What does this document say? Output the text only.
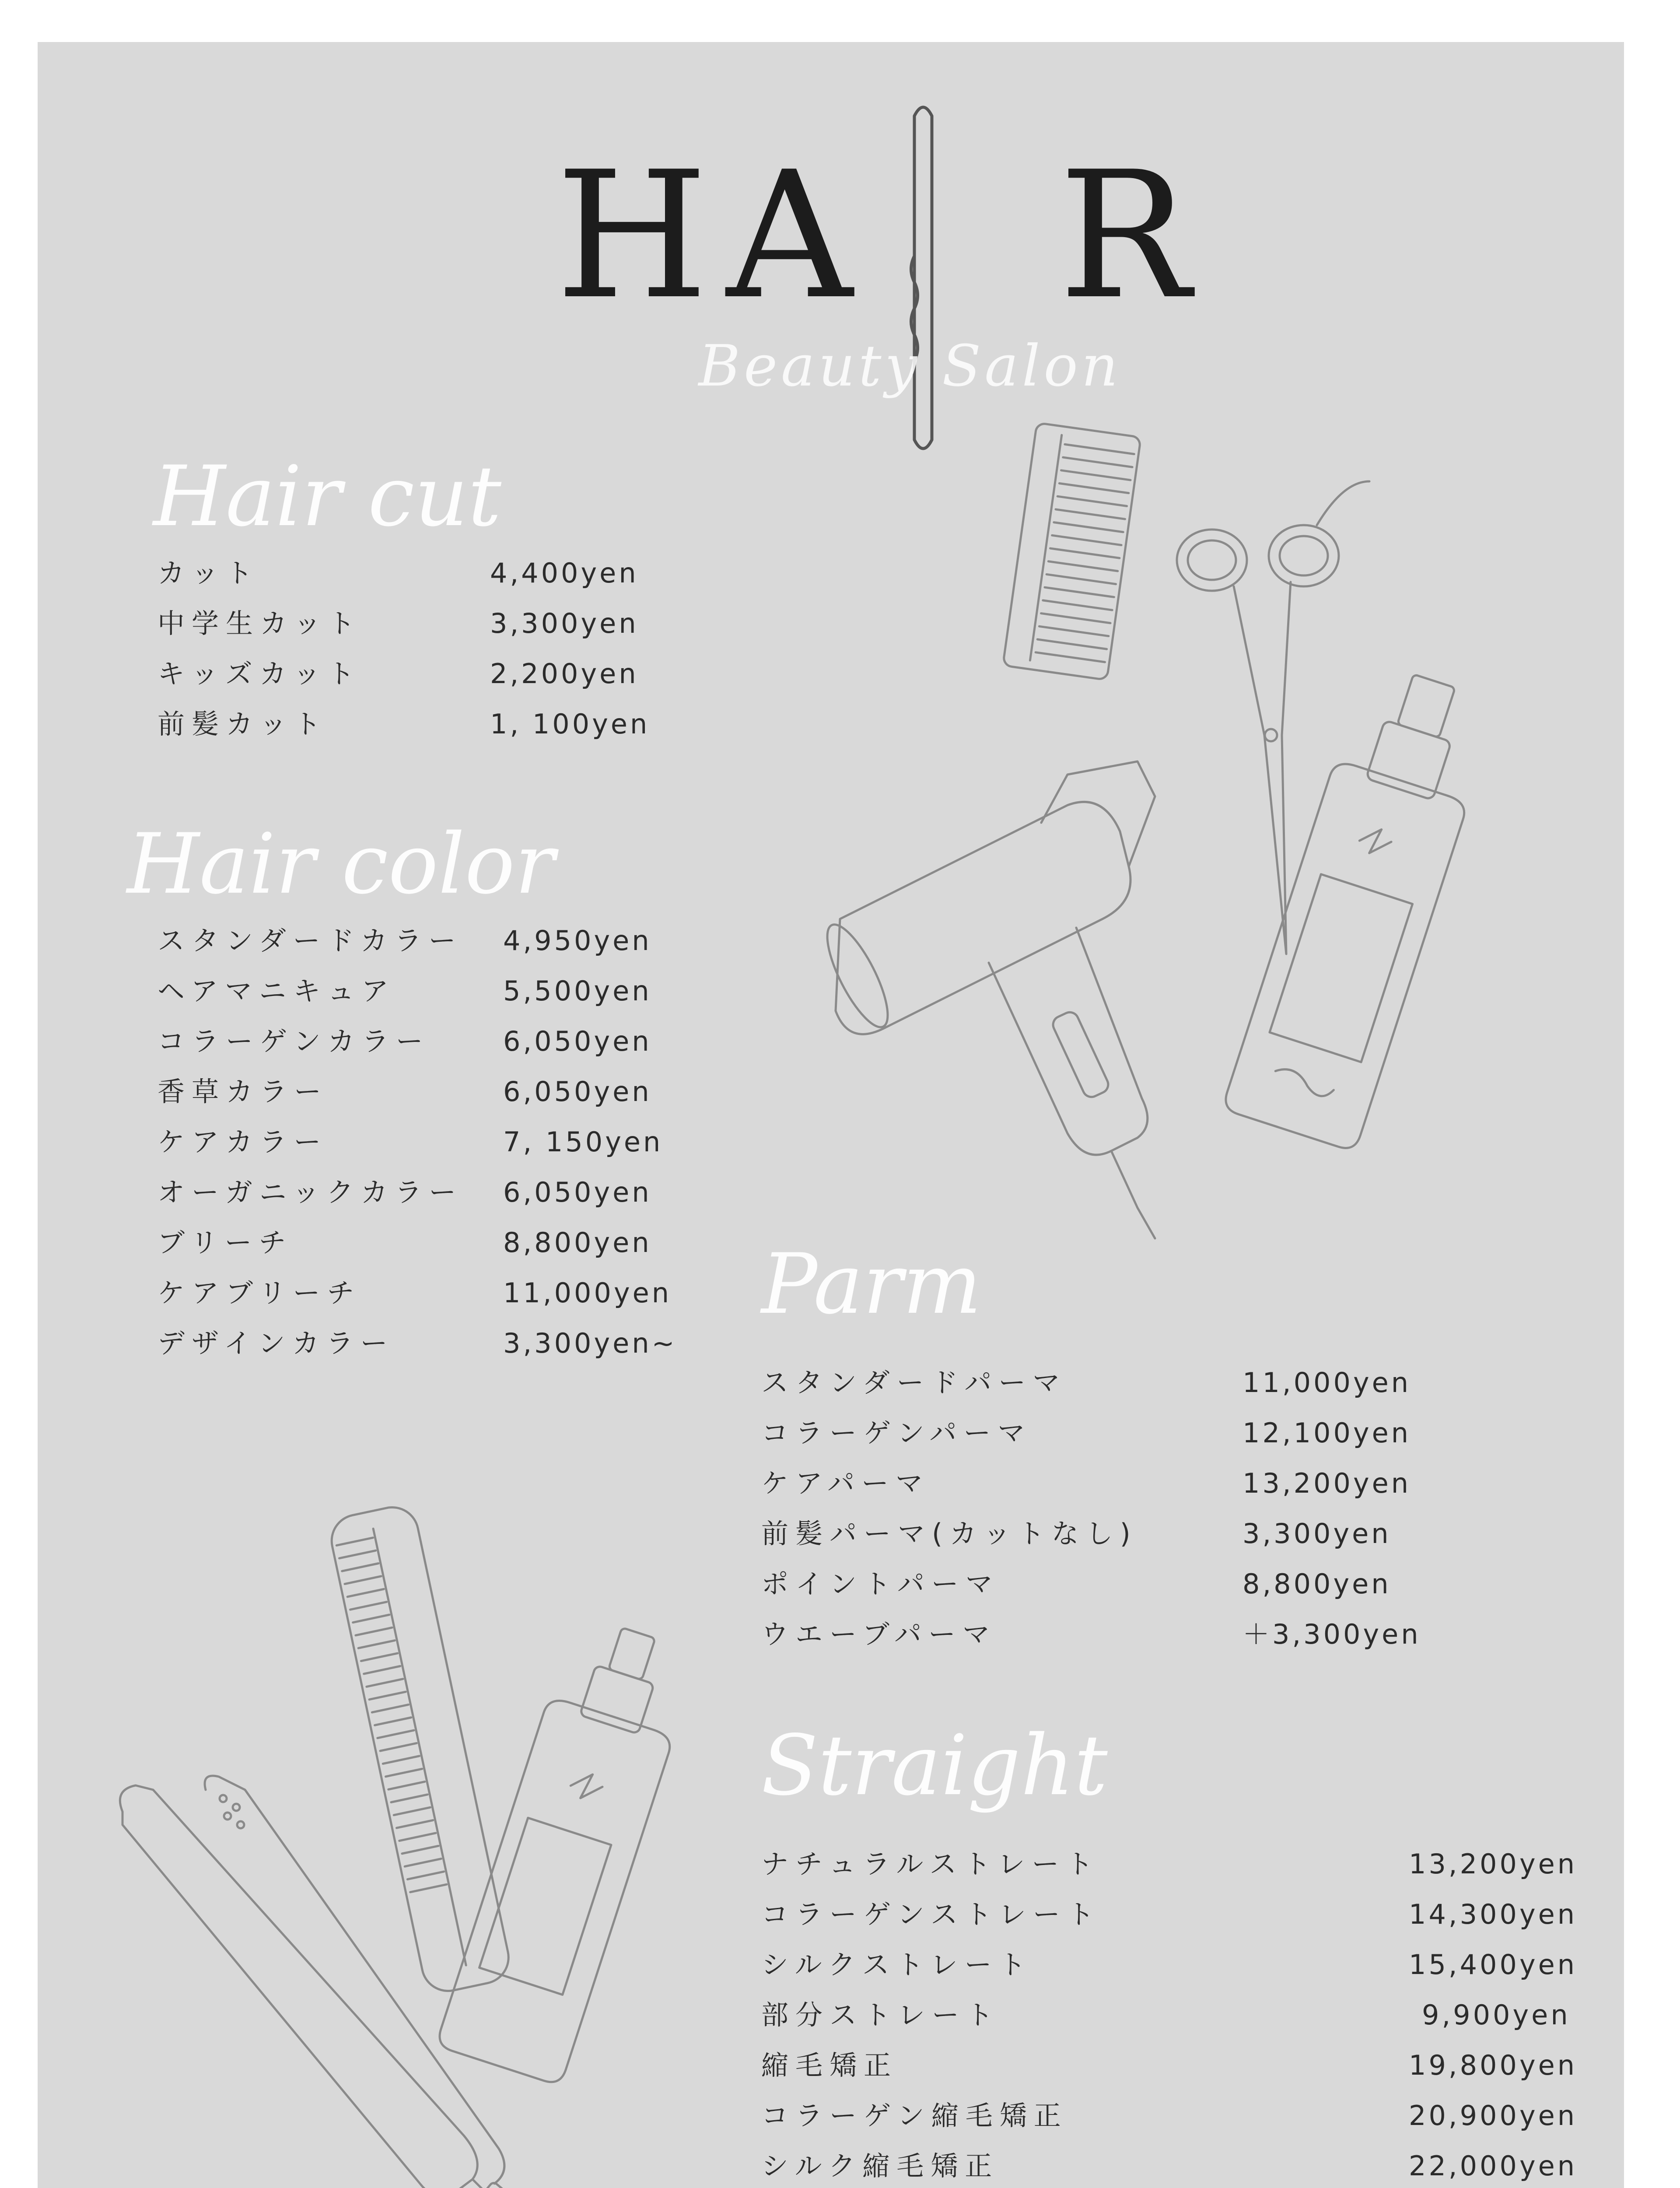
H A R
Beauty Salon
Hair cut
Hair color
Parm
Straight
カット	4,400yen
中学生カット	3,300yen
キッズカット	2,200yen
前髪カット	1, 100yen
スタンダードカラー 4,950yen
ヘアマニキュア	5,500yen
コラーゲンカラー	6,050yen
香草カラー	6,050yen
ケアカラー	7, 150yen
オーガニックカラー 6,050yen
ブリーチ	8,800yen
ケアブリーチ	11,000yen
デザインカラー	3,300yen~
スタンダードパーマ	11,000yen
コラーゲンパーマ	12,100yen
ケアパーマ	13,200yen
前髪パーマ(カットなし)	3,300yen
ポイントパーマ	8,800yen
ウエーブパーマ	＋3,300yen
ナチュラルストレート	13,200yen
コラーゲンストレート	14,300yen
シルクストレート	15,400yen
部分ストレート	9,900yen
縮毛矯正	19,800yen
コラーゲン縮毛矯正	20,900yen
シルク縮毛矯正	22,000yen
